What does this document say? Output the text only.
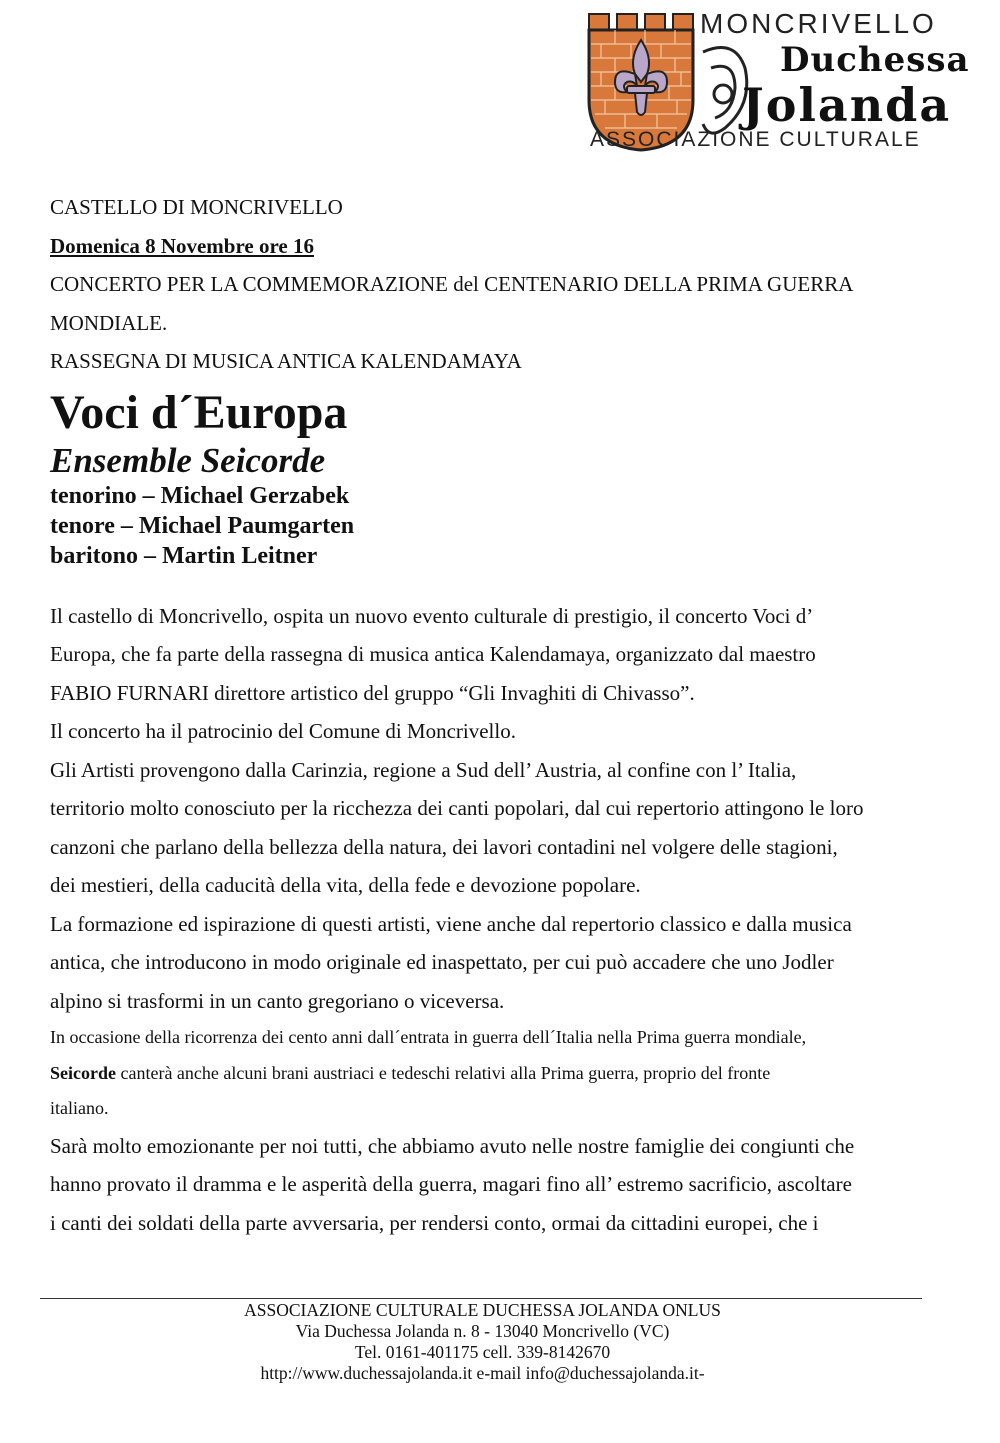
MONCRIVELLO
Duchessa
Jolanda
ASSOCIAZIONE CULTURALE
CASTELLO DI MONCRIVELLO
Domenica 8 Novembre ore 16
CONCERTO PER LA COMMEMORAZIONE del CENTENARIO DELLA PRIMA GUERRA
MONDIALE.
RASSEGNA DI MUSICA ANTICA KALENDAMAYA
Voci d´Europa
Ensemble Seicorde
tenorino – Michael Gerzabek
tenore – Michael Paumgarten
baritono – Martin Leitner
Il castello di Moncrivello, ospita un nuovo evento culturale di prestigio, il concerto Voci d’
Europa, che fa parte della rassegna di musica antica Kalendamaya, organizzato dal maestro
FABIO FURNARI direttore artistico del gruppo “Gli Invaghiti di Chivasso”.
Il concerto ha il patrocinio del Comune di Moncrivello.
Gli Artisti provengono dalla Carinzia, regione a Sud dell’ Austria, al confine con l’ Italia,
territorio molto conosciuto per la ricchezza dei canti popolari, dal cui repertorio attingono le loro
canzoni che parlano della bellezza della natura, dei lavori contadini nel volgere delle stagioni,
dei mestieri, della caducità della vita, della fede e devozione popolare.
La formazione ed ispirazione di questi artisti, viene anche dal repertorio classico e dalla musica
antica, che introducono in modo originale ed inaspettato, per cui può accadere che uno Jodler
alpino si trasformi in un canto gregoriano o viceversa.
In occasione della ricorrenza dei cento anni dall´entrata in guerra dell´Italia nella Prima guerra mondiale,
Seicorde canterà anche alcuni brani austriaci e tedeschi relativi alla Prima guerra, proprio del fronte
italiano.
Sarà molto emozionante per noi tutti, che abbiamo avuto nelle nostre famiglie dei congiunti che
hanno provato il dramma e le asperità della guerra, magari fino all’ estremo sacrificio, ascoltare
i canti dei soldati della parte avversaria, per rendersi conto, ormai da cittadini europei, che i
ASSOCIAZIONE CULTURALE DUCHESSA JOLANDA ONLUS
Via Duchessa Jolanda n. 8 - 13040 Moncrivello (VC)
Tel. 0161-401175 cell. 339-8142670
http://www.duchessajolanda.it e-mail info@duchessajolanda.it-
